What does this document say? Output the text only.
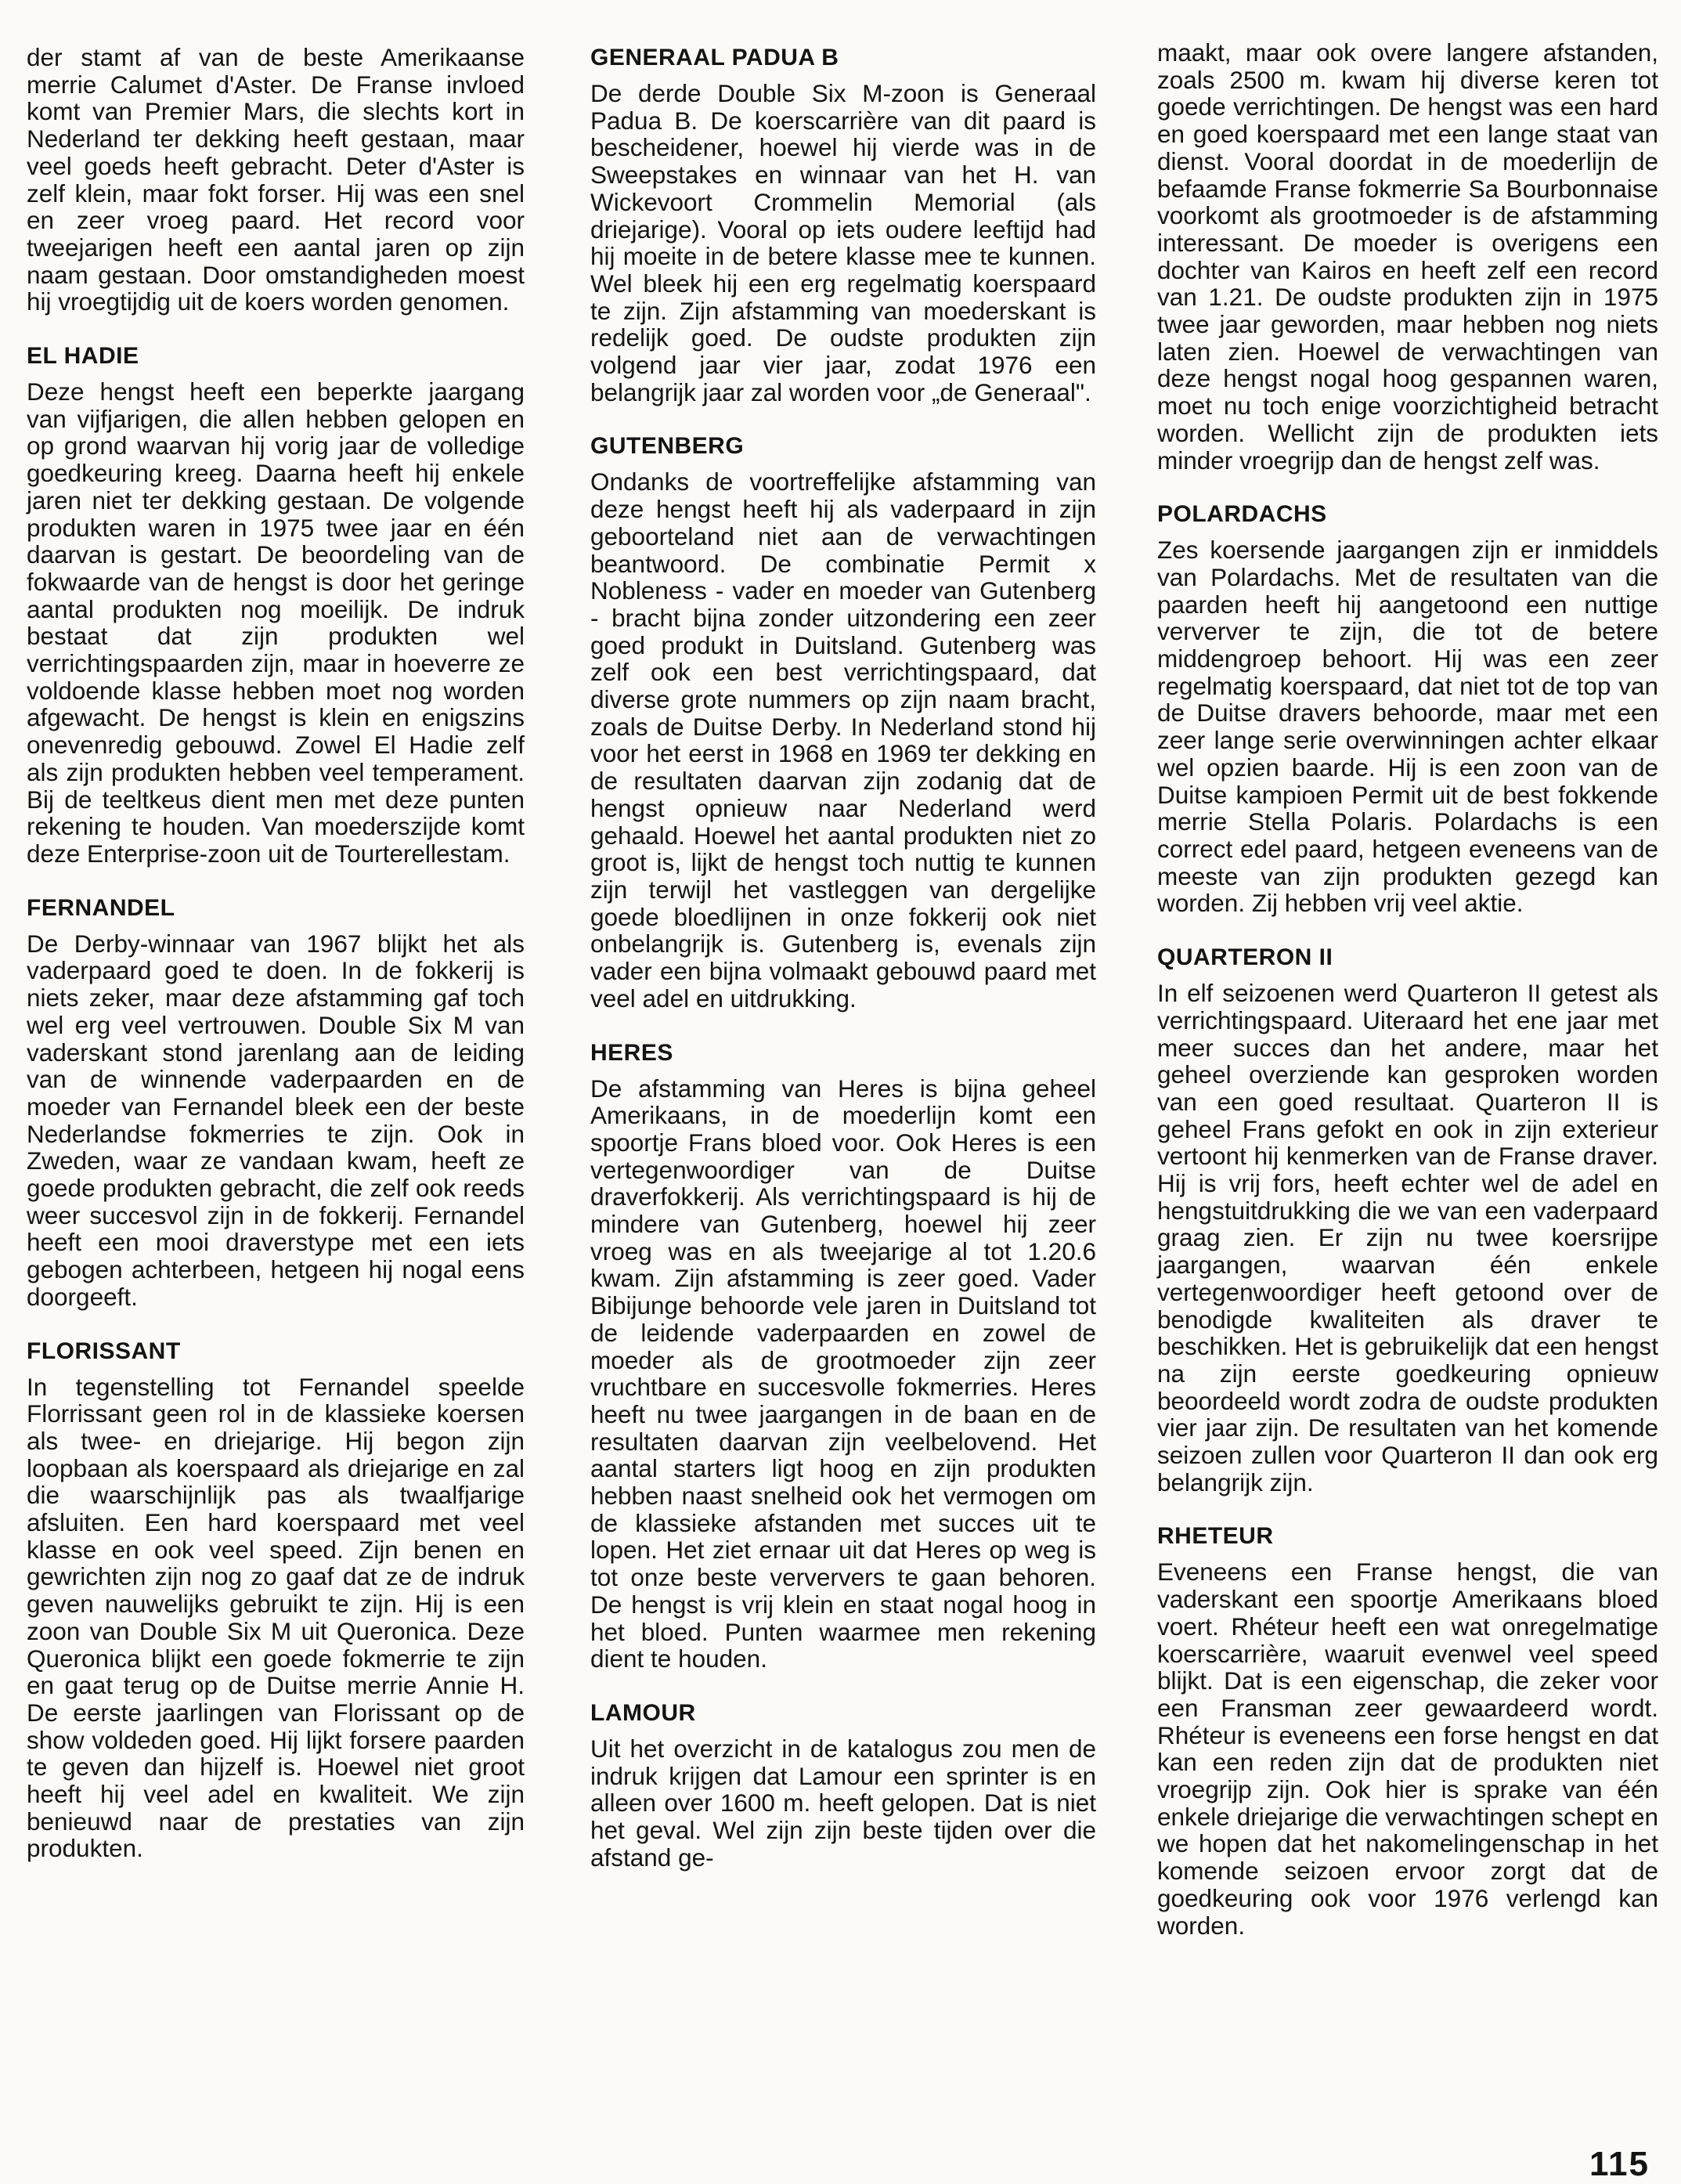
der stamt af van de beste Amerikaanse merrie Calumet d'Aster. De Franse invloed komt van Premier Mars, die slechts kort in Nederland ter dekking heeft gestaan, maar veel goeds heeft gebracht. Deter d'Aster is zelf klein, maar fokt forser. Hij was een snel en zeer vroeg paard. Het record voor tweejarigen heeft een aantal jaren op zijn naam gestaan. Door omstandigheden moest hij vroegtijdig uit de koers worden genomen.

EL HADIE

Deze hengst heeft een beperkte jaargang van vijfjarigen, die allen hebben gelopen en op grond waarvan hij vorig jaar de volledige goedkeuring kreeg. Daarna heeft hij enkele jaren niet ter dekking gestaan. De volgende produkten waren in 1975 twee jaar en één daarvan is gestart. De beoordeling van de fokwaarde van de hengst is door het geringe aantal produkten nog moeilijk. De indruk bestaat dat zijn produkten wel verrichtingspaarden zijn, maar in hoeverre ze voldoende klasse hebben moet nog worden afgewacht. De hengst is klein en enigszins onevenredig gebouwd. Zowel El Hadie zelf als zijn produkten hebben veel temperament. Bij de teeltkeus dient men met deze punten rekening te houden. Van moederszijde komt deze Enterprise-zoon uit de Tourterellestam.

FERNANDEL

De Derby-winnaar van 1967 blijkt het als vaderpaard goed te doen. In de fokkerij is niets zeker, maar deze afstamming gaf toch wel erg veel vertrouwen. Double Six M van vaderskant stond jarenlang aan de leiding van de winnende vaderpaarden en de moeder van Fernandel bleek een der beste Nederlandse fokmerries te zijn. Ook in Zweden, waar ze vandaan kwam, heeft ze goede produkten gebracht, die zelf ook reeds weer succesvol zijn in de fokkerij. Fernandel heeft een mooi draverstype met een iets gebogen achterbeen, hetgeen hij nogal eens doorgeeft.

FLORISSANT

In tegenstelling tot Fernandel speelde Florrissant geen rol in de klassieke koersen als twee- en driejarige. Hij begon zijn loopbaan als koerspaard als driejarige en zal die waarschijnlijk pas als twaalfjarige afsluiten. Een hard koerspaard met veel klasse en ook veel speed. Zijn benen en gewrichten zijn nog zo gaaf dat ze de indruk geven nauwelijks gebruikt te zijn. Hij is een zoon van Double Six M uit Queronica. Deze Queronica blijkt een goede fokmerrie te zijn en gaat terug op de Duitse merrie Annie H. De eerste jaarlingen van Florissant op de show voldeden goed. Hij lijkt forsere paarden te geven dan hijzelf is. Hoewel niet groot heeft hij veel adel en kwaliteit. We zijn benieuwd naar de prestaties van zijn produkten.

GENERAAL PADUA B

De derde Double Six M-zoon is Generaal Padua B. De koerscarrière van dit paard is bescheidener, hoewel hij vierde was in de Sweepstakes en winnaar van het H. van Wickevoort Crommelin Memorial (als driejarige). Vooral op iets oudere leeftijd had hij moeite in de betere klasse mee te kunnen. Wel bleek hij een erg regelmatig koerspaard te zijn. Zijn afstamming van moederskant is redelijk goed. De oudste produkten zijn volgend jaar vier jaar, zodat 1976 een belangrijk jaar zal worden voor „de Generaal".

GUTENBERG

Ondanks de voortreffelijke afstamming van deze hengst heeft hij als vaderpaard in zijn geboorteland niet aan de verwachtingen beantwoord. De combinatie Permit x Nobleness - vader en moeder van Gutenberg - bracht bijna zonder uitzondering een zeer goed produkt in Duitsland. Gutenberg was zelf ook een best verrichtingspaard, dat diverse grote nummers op zijn naam bracht, zoals de Duitse Derby. In Nederland stond hij voor het eerst in 1968 en 1969 ter dekking en de resultaten daarvan zijn zodanig dat de hengst opnieuw naar Nederland werd gehaald. Hoewel het aantal produkten niet zo groot is, lijkt de hengst toch nuttig te kunnen zijn terwijl het vastleggen van dergelijke goede bloedlijnen in onze fokkerij ook niet onbelangrijk is. Gutenberg is, evenals zijn vader een bijna volmaakt gebouwd paard met veel adel en uitdrukking.

HERES

De afstamming van Heres is bijna geheel Amerikaans, in de moederlijn komt een spoortje Frans bloed voor. Ook Heres is een vertegenwoordiger van de Duitse draverfokkerij. Als verrichtingspaard is hij de mindere van Gutenberg, hoewel hij zeer vroeg was en als tweejarige al tot 1.20.6 kwam. Zijn afstamming is zeer goed. Vader Bibijunge behoorde vele jaren in Duitsland tot de leidende vaderpaarden en zowel de moeder als de grootmoeder zijn zeer vruchtbare en succesvolle fokmerries. Heres heeft nu twee jaargangen in de baan en de resultaten daarvan zijn veelbelovend. Het aantal starters ligt hoog en zijn produkten hebben naast snelheid ook het vermogen om de klassieke afstanden met succes uit te lopen. Het ziet ernaar uit dat Heres op weg is tot onze beste verververs te gaan behoren. De hengst is vrij klein en staat nogal hoog in het bloed. Punten waarmee men rekening dient te houden.

LAMOUR

Uit het overzicht in de katalogus zou men de indruk krijgen dat Lamour een sprinter is en alleen over 1600 m. heeft gelopen. Dat is niet het geval. Wel zijn zijn beste tijden over die afstand ge-

maakt, maar ook overe langere afstanden, zoals 2500 m. kwam hij diverse keren tot goede verrichtingen. De hengst was een hard en goed koerspaard met een lange staat van dienst. Vooral doordat in de moederlijn de befaamde Franse fokmerrie Sa Bourbonnaise voorkomt als grootmoeder is de afstamming interessant. De moeder is overigens een dochter van Kairos en heeft zelf een record van 1.21. De oudste produkten zijn in 1975 twee jaar geworden, maar hebben nog niets laten zien. Hoewel de verwachtingen van deze hengst nogal hoog gespannen waren, moet nu toch enige voorzichtigheid betracht worden. Wellicht zijn de produkten iets minder vroegrijp dan de hengst zelf was.

POLARDACHS

Zes koersende jaargangen zijn er inmiddels van Polardachs. Met de resultaten van die paarden heeft hij aangetoond een nuttige ververver te zijn, die tot de betere middengroep behoort. Hij was een zeer regelmatig koerspaard, dat niet tot de top van de Duitse dravers behoorde, maar met een zeer lange serie overwinningen achter elkaar wel opzien baarde. Hij is een zoon van de Duitse kampioen Permit uit de best fokkende merrie Stella Polaris. Polardachs is een correct edel paard, hetgeen eveneens van de meeste van zijn produkten gezegd kan worden. Zij hebben vrij veel aktie.

QUARTERON II

In elf seizoenen werd Quarteron II getest als verrichtingspaard. Uiteraard het ene jaar met meer succes dan het andere, maar het geheel overziende kan gesproken worden van een goed resultaat. Quarteron II is geheel Frans gefokt en ook in zijn exterieur vertoont hij kenmerken van de Franse draver. Hij is vrij fors, heeft echter wel de adel en hengstuitdrukking die we van een vaderpaard graag zien. Er zijn nu twee koersrijpe jaargangen, waarvan één enkele vertegenwoordiger heeft getoond over de benodigde kwaliteiten als draver te beschikken. Het is gebruikelijk dat een hengst na zijn eerste goedkeuring opnieuw beoordeeld wordt zodra de oudste produkten vier jaar zijn. De resultaten van het komende seizoen zullen voor Quarteron II dan ook erg belangrijk zijn.

RHETEUR

Eveneens een Franse hengst, die van vaderskant een spoortje Amerikaans bloed voert. Rhéteur heeft een wat onregelmatige koerscarrière, waaruit evenwel veel speed blijkt. Dat is een eigenschap, die zeker voor een Fransman zeer gewaardeerd wordt. Rhéteur is eveneens een forse hengst en dat kan een reden zijn dat de produkten niet vroegrijp zijn. Ook hier is sprake van één enkele driejarige die verwachtingen schept en we hopen dat het nakomelingenschap in het komende seizoen ervoor zorgt dat de goedkeuring ook voor 1976 verlengd kan worden.

115
